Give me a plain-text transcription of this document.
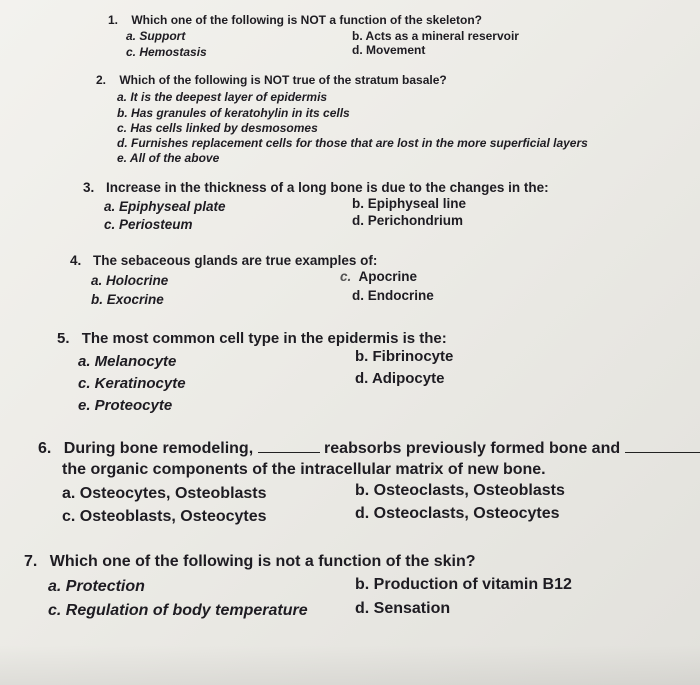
1. Which one of the following is NOT a function of the skeleton?
a. Support	b. Acts as a mineral reservoir
c. Hemostasis	d. Movement
2. Which of the following is NOT true of the stratum basale?
a. It is the deepest layer of epidermis
b. Has granules of keratohylin in its cells
c. Has cells linked by desmosomes
d. Furnishes replacement cells for those that are lost in the more superficial layers
e. All of the above
3. Increase in the thickness of a long bone is due to the changes in the:
a. Epiphyseal plate	b. Epiphyseal line
c. Periosteum	d. Perichondrium
4. The sebaceous glands are true examples of:
a. Holocrine	c. Apocrine
b. Exocrine	d. Endocrine
5. The most common cell type in the epidermis is the:
a. Melanocyte	b. Fibrinocyte
c. Keratinocyte	d. Adipocyte
e. Proteocyte
6. During bone remodeling,	reabsorbs previously formed bone and
the organic components of the intracellular matrix of new bone.
a. Osteocytes, Osteoblasts	b. Osteoclasts, Osteoblasts
c. Osteoblasts, Osteocytes	d. Osteoclasts, Osteocytes
7. Which one of the following is not a function of the skin?
a. Protection	b. Production of vitamin B12
c. Regulation of body temperature	d. Sensation
